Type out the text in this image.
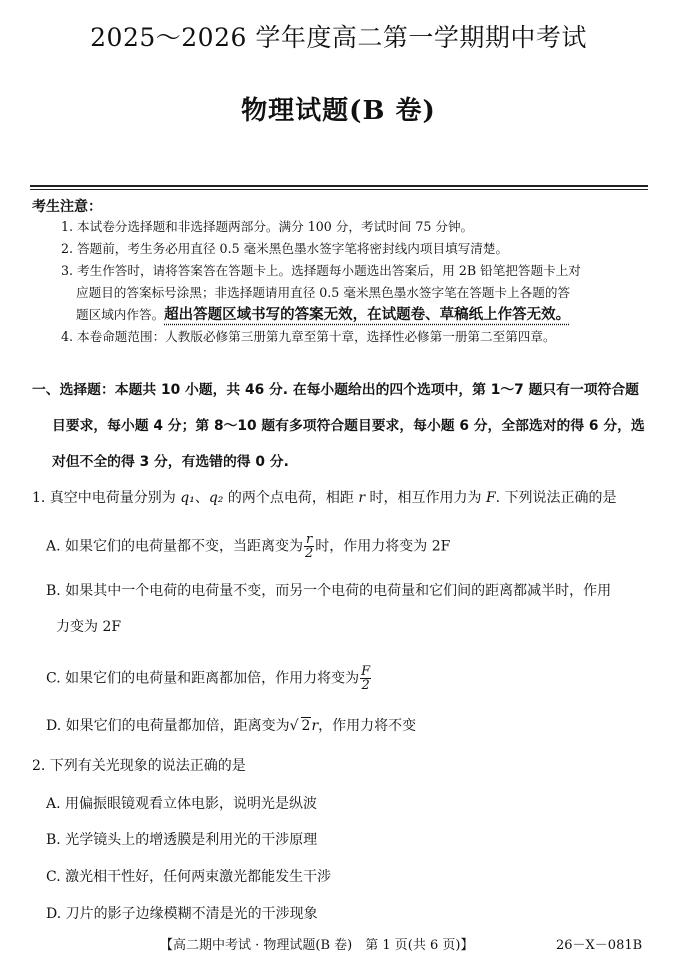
2025～2026 学年度高二第一学期期中考试
物理试题(B 卷)
考生注意：
1. 本试卷分选择题和非选择题两部分。满分 100 分，考试时间 75 分钟。
2. 答题前，考生务必用直径 0.5 毫米黑色墨水签字笔将密封线内项目填写清楚。
3. 考生作答时，请将答案答在答题卡上。选择题每小题选出答案后，用 2B 铅笔把答题卡上对
应题目的答案标号涂黑；非选择题请用直径 0.5 毫米黑色墨水签字笔在答题卡上各题的答
题区域内作答。超出答题区域书写的答案无效，在试题卷、草稿纸上作答无效。
4. 本卷命题范围：人教版必修第三册第九章至第十章，选择性必修第一册第二至第四章。
一、选择题：本题共 10 小题，共 46 分. 在每小题给出的四个选项中，第 1～7 题只有一项符合题
目要求，每小题 4 分；第 8～10 题有多项符合题目要求，每小题 6 分，全部选对的得 6 分，选
对但不全的得 3 分，有选错的得 0 分.
1. 真空中电荷量分别为 q₁、q₂ 的两个点电荷，相距 r 时，相互作用力为 F. 下列说法正确的是
A. 如果它们的电荷量都不变，当距离变为 $\frac{r}{2}$ 时，作用力将变为 2F
B. 如果其中一个电荷的电荷量不变，而另一个电荷的电荷量和它们间的距离都减半时，作用
力变为 2F
C. 如果它们的电荷量和距离都加倍，作用力将变为 $\frac{F}{2}$
D. 如果它们的电荷量都加倍，距离变为√ 2r，作用力将不变
2. 下列有关光现象的说法正确的是
A. 用偏振眼镜观看立体电影，说明光是纵波
B. 光学镜头上的增透膜是利用光的干涉原理
C. 激光相干性好，任何两束激光都能发生干涉
D. 刀片的影子边缘模糊不清是光的干涉现象
【高二期中考试 · 物理试题(B 卷)　第 1 页(共 6 页)】	26－X－081B
